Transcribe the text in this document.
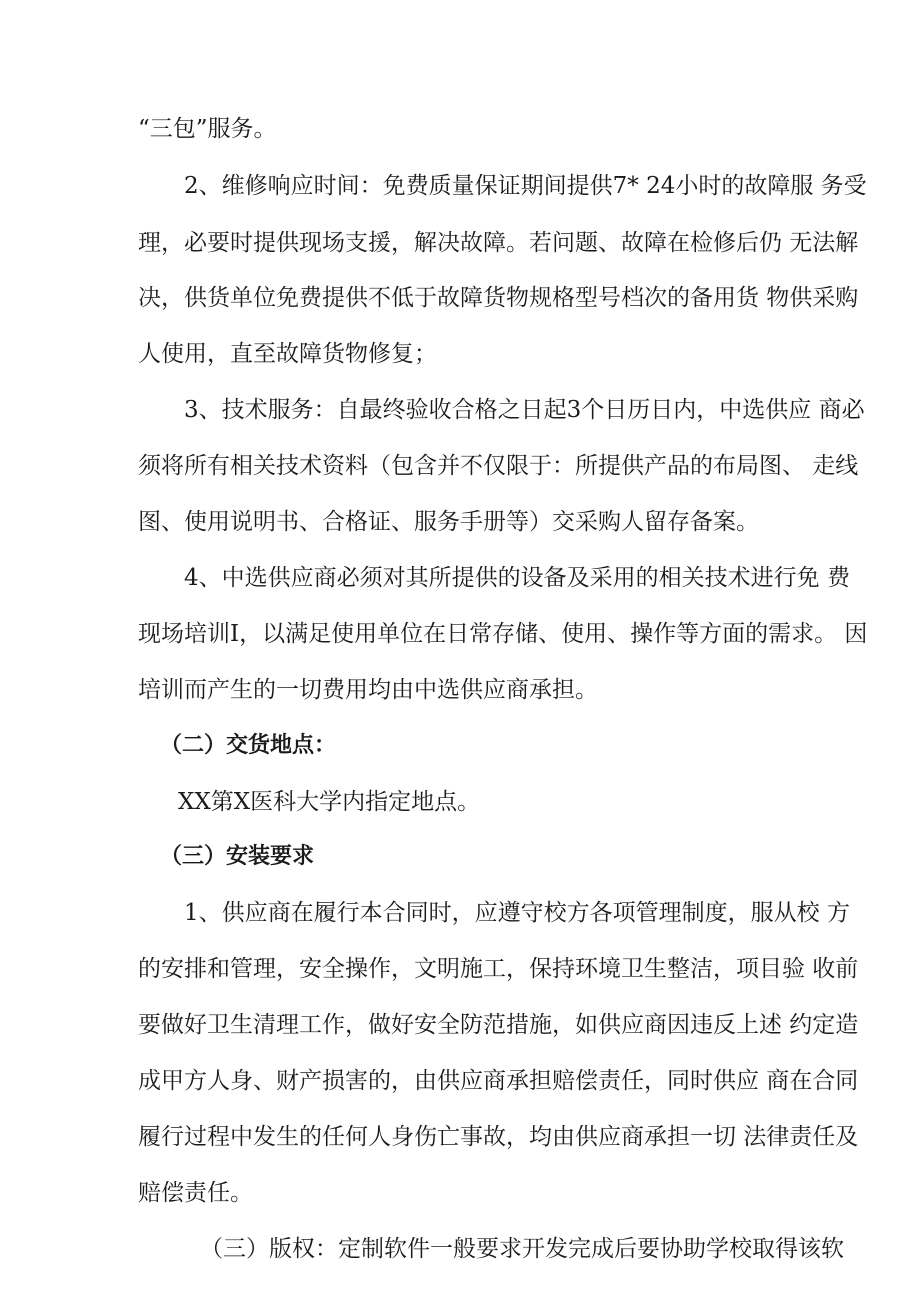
“三包”服务。
2、维修响应时间：免费质量保证期间提供7* 24小时的故障服 务受
理，必要时提供现场支援，解决故障。若问题、故障在检修后仍 无法解
决，供货单位免费提供不低于故障货物规格型号档次的备用货 物供采购
人使用，直至故障货物修复；
3、技术服务：自最终验收合格之日起3个日历日内，中选供应 商必
须将所有相关技术资料（包含并不仅限于：所提供产品的布局图、 走线
图、使用说明书、合格证、服务手册等）交采购人留存备案。
4、中选供应商必须对其所提供的设备及采用的相关技术进行免 费
现场培训I，以满足使用单位在日常存储、使用、操作等方面的需求。 因
培训而产生的一切费用均由中选供应商承担。
（二）交货地点：
XX第X医科大学内指定地点。
（三）安装要求
1、供应商在履行本合同时，应遵守校方各项管理制度，服从校 方
的安排和管理，安全操作，文明施工，保持环境卫生整洁，项目验 收前
要做好卫生清理工作，做好安全防范措施，如供应商因违反上述 约定造
成甲方人身、财产损害的，由供应商承担赔偿责任，同时供应 商在合同
履行过程中发生的任何人身伤亡事故，均由供应商承担一切 法律责任及
赔偿责任。
（三）版权：定制软件一般要求开发完成后要协助学校取得该软
